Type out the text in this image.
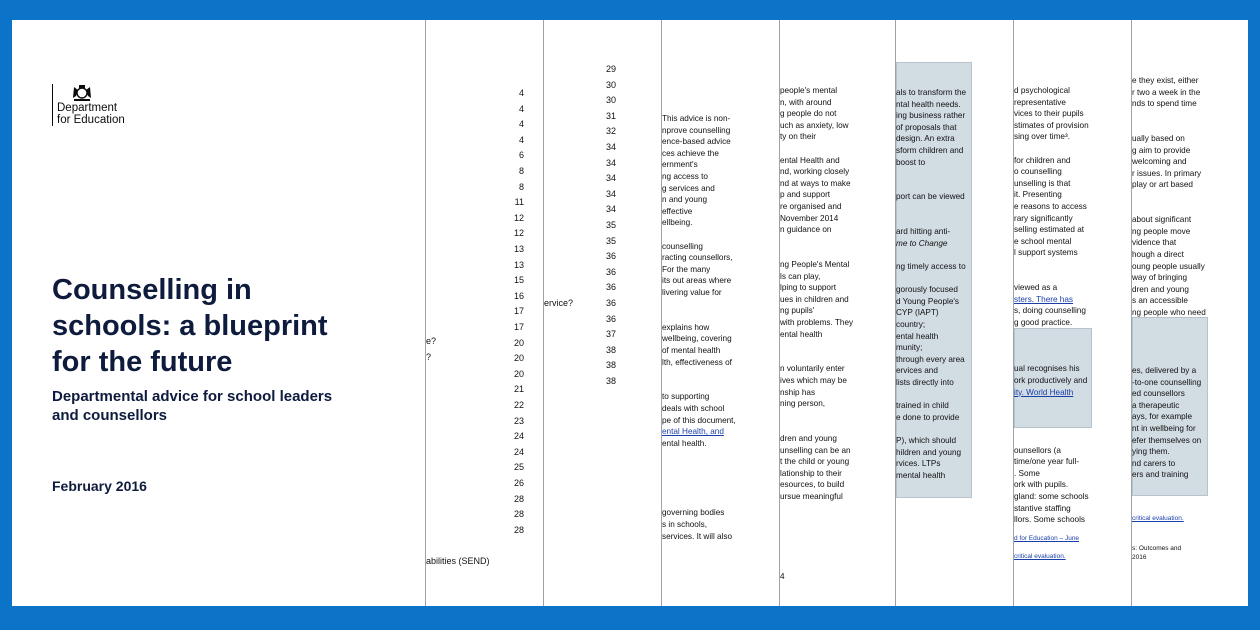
Department
for Education
Counselling in
schools: a blueprint
for the future
Departmental advice for school leaders
and counsellors
February 2016
4
4
4
4
6
8
8
11
12
12
13
13
15
16
17
17
20
20
20
21
22
23
24
24
25
26
28
28
28
e?
?
abilities (SEND)
29
30
30
31
32
34
34
34
34
34
35
35
36
36
36
36
36
37
38
38
38
ervice?
This advice is non-
nprove counselling
ence-based advice
ces achieve the
ernment's
ng access to
g services and
n and young
effective
ellbeing.
counselling
racting counsellors,
For the many
its out areas where
livering value for
explains how
wellbeing, covering
of mental health
lth, effectiveness of
to supporting
deals with school
pe of this document,
ental Health, and
ental health.
governing bodies
s in schools,
services. It will also
people's mental
n, with around
g people do not
uch as anxiety, low
ty on their
ental Health and
nd, working closely
nd at ways to make
p and support
re organised and
November 2014
n guidance on
ng People's Mental
ls can play,
lping to support
ues in children and
ng pupils'
with problems. They
ental health
n voluntarily enter
ives which may be
nship has
ning person,
dren and young
unselling can be an
t the child or young
lationship to their
esources, to build
ursue meaningful
4
als to transform the
ntal health needs.
ing business rather
of proposals that
design. An extra
sform children and
boost to
port can be viewed
ard hitting anti-
me to Change
ng timely access to
gorously focused
d Young People's
CYP (IAPT)
country;
ental health
munity;
through every area
ervices and
lists directly into
trained in child
e done to provide
P), which should
hildren and young
rvices. LTPs
mental health
d psychological
representative
vices to their pupils
stimates of provision
sing over time³.
for children and
o counselling
unselling is that
it. Presenting
e reasons to access
rary significantly
selling estimated at
e school mental
l support systems
viewed as a
sters. There has
s, doing counselling
g good practice.
ual recognises his
ork productively and
ity. World Health
ounsellors (a
time/one year full-
. Some
ork with pupils.
gland: some schools
stantive staffing
llors. Some schools
d for Education – June
critical evaluation.
e they exist, either
r two a week in the
nds to spend time
ually based on
g aim to provide
welcoming and
r issues. In primary
play or art based
about significant
ng people move
vidence that
hough a direct
oung people usually
way of bringing
dren and young
s an accessible
ng people who need
es, delivered by a
-to-one counselling
ed counsellors
a therapeutic
ays, for example
nt in wellbeing for
efer themselves on
ying them.
nd carers to
ers and training
critical evaluation.
s: Outcomes and
2016
